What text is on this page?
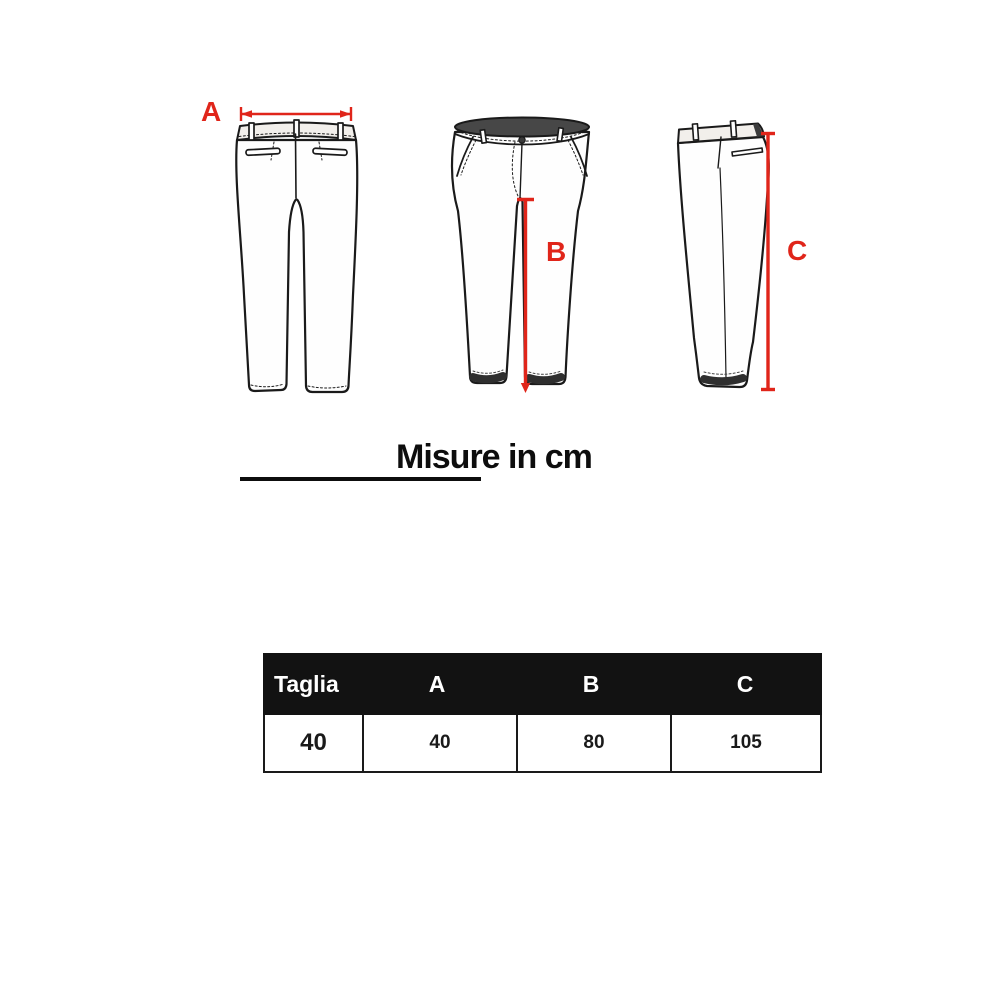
A
B	C
Misure in cm
Taglia	A	B	C
40	40	80	105
